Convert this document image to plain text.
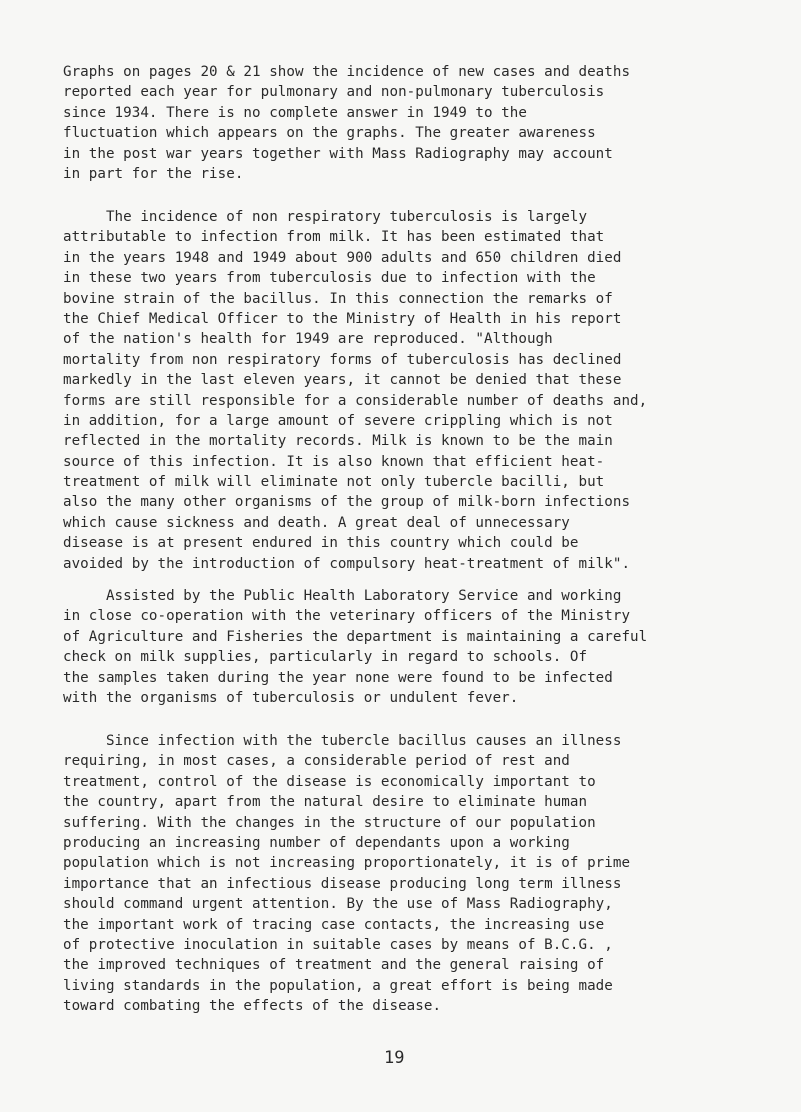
Graphs on pages 20 & 21 show the incidence of new cases and deaths
reported each year for pulmonary and non-pulmonary tuberculosis
since 1934. There is no complete answer in 1949 to the
fluctuation which appears on the graphs. The greater awareness
in the post war years together with Mass Radiography may account
in part for the rise.
The incidence of non respiratory tuberculosis is largely
attributable to infection from milk. It has been estimated that
in the years 1948 and 1949 about 900 adults and 650 children died
in these two years from tuberculosis due to infection with the
bovine strain of the bacillus. In this connection the remarks of
the Chief Medical Officer to the Ministry of Health in his report
of the nation's health for 1949 are reproduced. "Although
mortality from non respiratory forms of tuberculosis has declined
markedly in the last eleven years, it cannot be denied that these
forms are still responsible for a considerable number of deaths and,
in addition, for a large amount of severe crippling which is not
reflected in the mortality records. Milk is known to be the main
source of this infection. It is also known that efficient heat-
treatment of milk will eliminate not only tubercle bacilli, but
also the many other organisms of the group of milk-born infections
which cause sickness and death. A great deal of unnecessary
disease is at present endured in this country which could be
avoided by the introduction of compulsory heat-treatment of milk".
Assisted by the Public Health Laboratory Service and working
in close co-operation with the veterinary officers of the Ministry
of Agriculture and Fisheries the department is maintaining a careful
check on milk supplies, particularly in regard to schools. Of
the samples taken during the year none were found to be infected
with the organisms of tuberculosis or undulent fever.
Since infection with the tubercle bacillus causes an illness
requiring, in most cases, a considerable period of rest and
treatment, control of the disease is economically important to
the country, apart from the natural desire to eliminate human
suffering. With the changes in the structure of our population
producing an increasing number of dependants upon a working
population which is not increasing proportionately, it is of prime
importance that an infectious disease producing long term illness
should command urgent attention. By the use of Mass Radiography,
the important work of tracing case contacts, the increasing use
of protective inoculation in suitable cases by means of B.C.G. ,
the improved techniques of treatment and the general raising of
living standards in the population, a great effort is being made
toward combating the effects of the disease.
19
